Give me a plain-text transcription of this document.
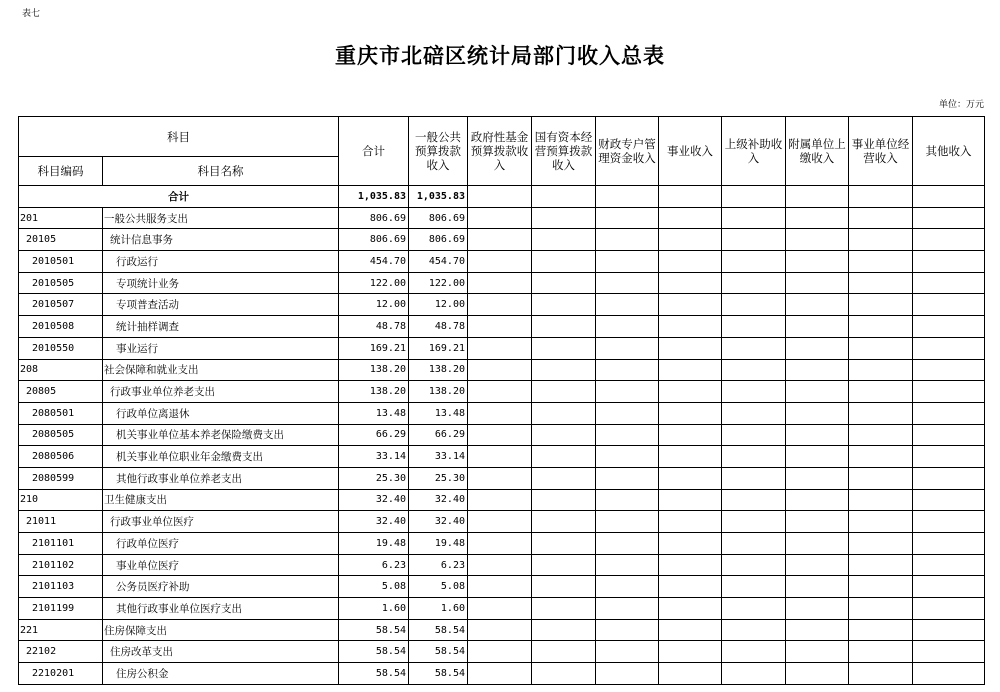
表七
重庆市北碚区统计局部门收入总表
单位：万元
科目		合计	一般公共预算拨款收入	政府性基金预算拨款收入	国有资本经营预算拨款收入	财政专户管理资金收入	事业收入	上级补助收入	附属单位上缴收入	事业单位经营收入	其他收入
科目编码	科目名称										
合计		1,035.83	1,035.83								
201	一般公共服务支出	806.69	806.69								
20105	统计信息事务	806.69	806.69								
2010501	行政运行	454.70	454.70								
2010505	专项统计业务	122.00	122.00								
2010507	专项普查活动	12.00	12.00								
2010508	统计抽样调查	48.78	48.78								
2010550	事业运行	169.21	169.21								
208	社会保障和就业支出	138.20	138.20								
20805	行政事业单位养老支出	138.20	138.20								
2080501	行政单位离退休	13.48	13.48								
2080505	机关事业单位基本养老保险缴费支出	66.29	66.29								
2080506	机关事业单位职业年金缴费支出	33.14	33.14								
2080599	其他行政事业单位养老支出	25.30	25.30								
210	卫生健康支出	32.40	32.40								
21011	行政事业单位医疗	32.40	32.40								
2101101	行政单位医疗	19.48	19.48								
2101102	事业单位医疗	6.23	6.23								
2101103	公务员医疗补助	5.08	5.08								
2101199	其他行政事业单位医疗支出	1.60	1.60								
221	住房保障支出	58.54	58.54								
22102	住房改革支出	58.54	58.54								
2210201	住房公积金	58.54	58.54								
